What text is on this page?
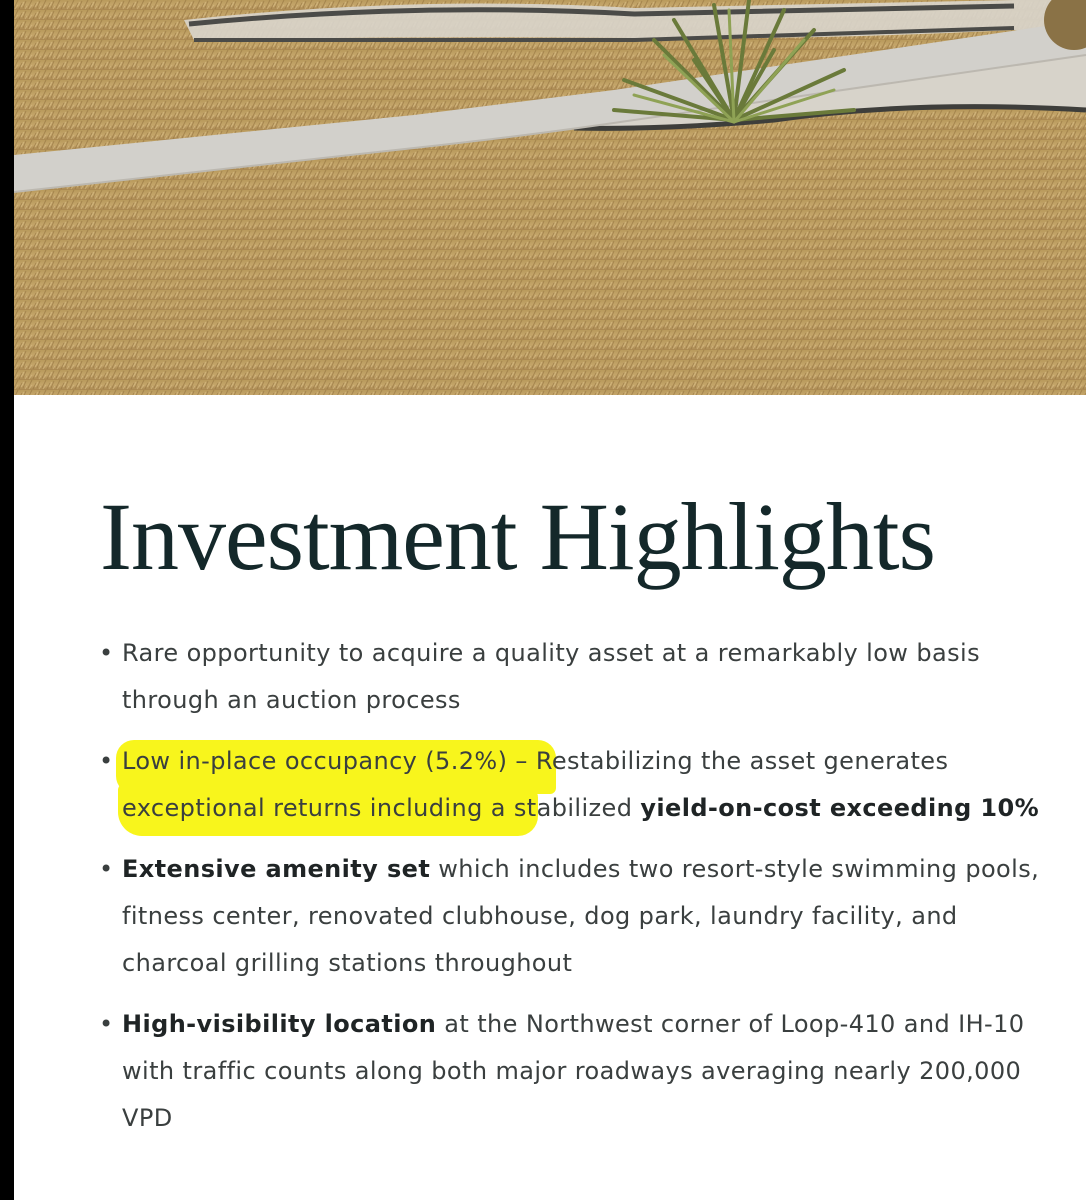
Investment Highlights
• Rare opportunity to acquire a quality asset at a remarkably low basis through an auction process
• Low in-place occupancy (5.2%) – Restabilizing the asset generates exceptional returns including a stabilized yield-on-cost exceeding 10%
• Extensive amenity set which includes two resort-style swimming pools, fitness center, renovated clubhouse, dog park, laundry facility, and charcoal grilling stations throughout
• High-visibility location at the Northwest corner of Loop-410 and IH-10 with traffic counts along both major roadways averaging nearly 200,000 VPD
